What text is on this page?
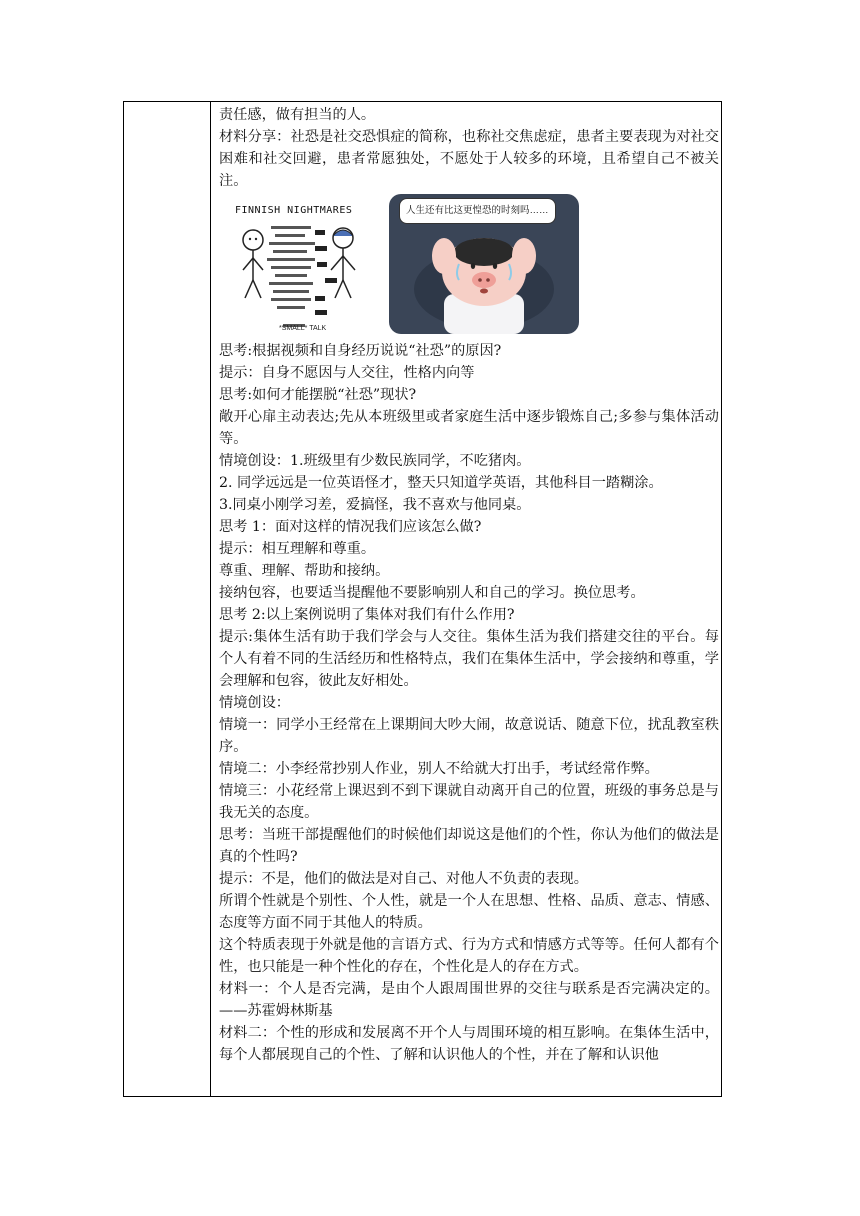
责任感，做有担当的人。

材料分享：社恐是社交恐惧症的简称，也称社交焦虑症，患者主要表现为对社交困难和社交回避，患者常愿独处，不愿处于人较多的环境，且希望自己不被关注。

FINNISH NIGHTMARES
*SMALL* TALK
人生还有比这更惶恐的时刻吗……

思考:根据视频和自身经历说说“社恐”的原因?

提示：自身不愿因与人交往，性格内向等

思考:如何才能摆脱“社恐”现状?

敞开心扉主动表达;先从本班级里或者家庭生活中逐步锻炼自己;多参与集体活动等。

情境创设：1.班级里有少数民族同学，不吃猪肉。

2. 同学远远是一位英语怪才，整天只知道学英语，其他科目一踏糊涂。

3.同桌小刚学习差，爱搞怪，我不喜欢与他同桌。

思考 1：面对这样的情况我们应该怎么做?

提示：相互理解和尊重。

尊重、理解、帮助和接纳。

接纳包容，也要适当提醒他不要影响别人和自己的学习。换位思考。

思考 2:以上案例说明了集体对我们有什么作用?

提示:集体生活有助于我们学会与人交往。集体生活为我们搭建交往的平台。每个人有着不同的生活经历和性格特点，我们在集体生活中，学会接纳和尊重，学会理解和包容，彼此友好相处。

情境创设：

情境一：同学小王经常在上课期间大吵大闹，故意说话、随意下位，扰乱教室秩序。

情境二：小李经常抄别人作业，别人不给就大打出手，考试经常作弊。

情境三：小花经常上课迟到不到下课就自动离开自己的位置，班级的事务总是与我无关的态度。

思考：当班干部提醒他们的时候他们却说这是他们的个性，你认为他们的做法是真的个性吗?

提示：不是，他们的做法是对自己、对他人不负责的表现。

所谓个性就是个别性、个人性，就是一个人在思想、性格、品质、意志、情感、态度等方面不同于其他人的特质。

这个特质表现于外就是他的言语方式、行为方式和情感方式等等。任何人都有个性，也只能是一种个性化的存在，个性化是人的存在方式。

材料一：个人是否完满，是由个人跟周围世界的交往与联系是否完满决定的。——苏霍姆林斯基

材料二：个性的形成和发展离不开个人与周围环境的相互影响。在集体生活中，每个人都展现自己的个性、了解和认识他人的个性，并在了解和认识他
